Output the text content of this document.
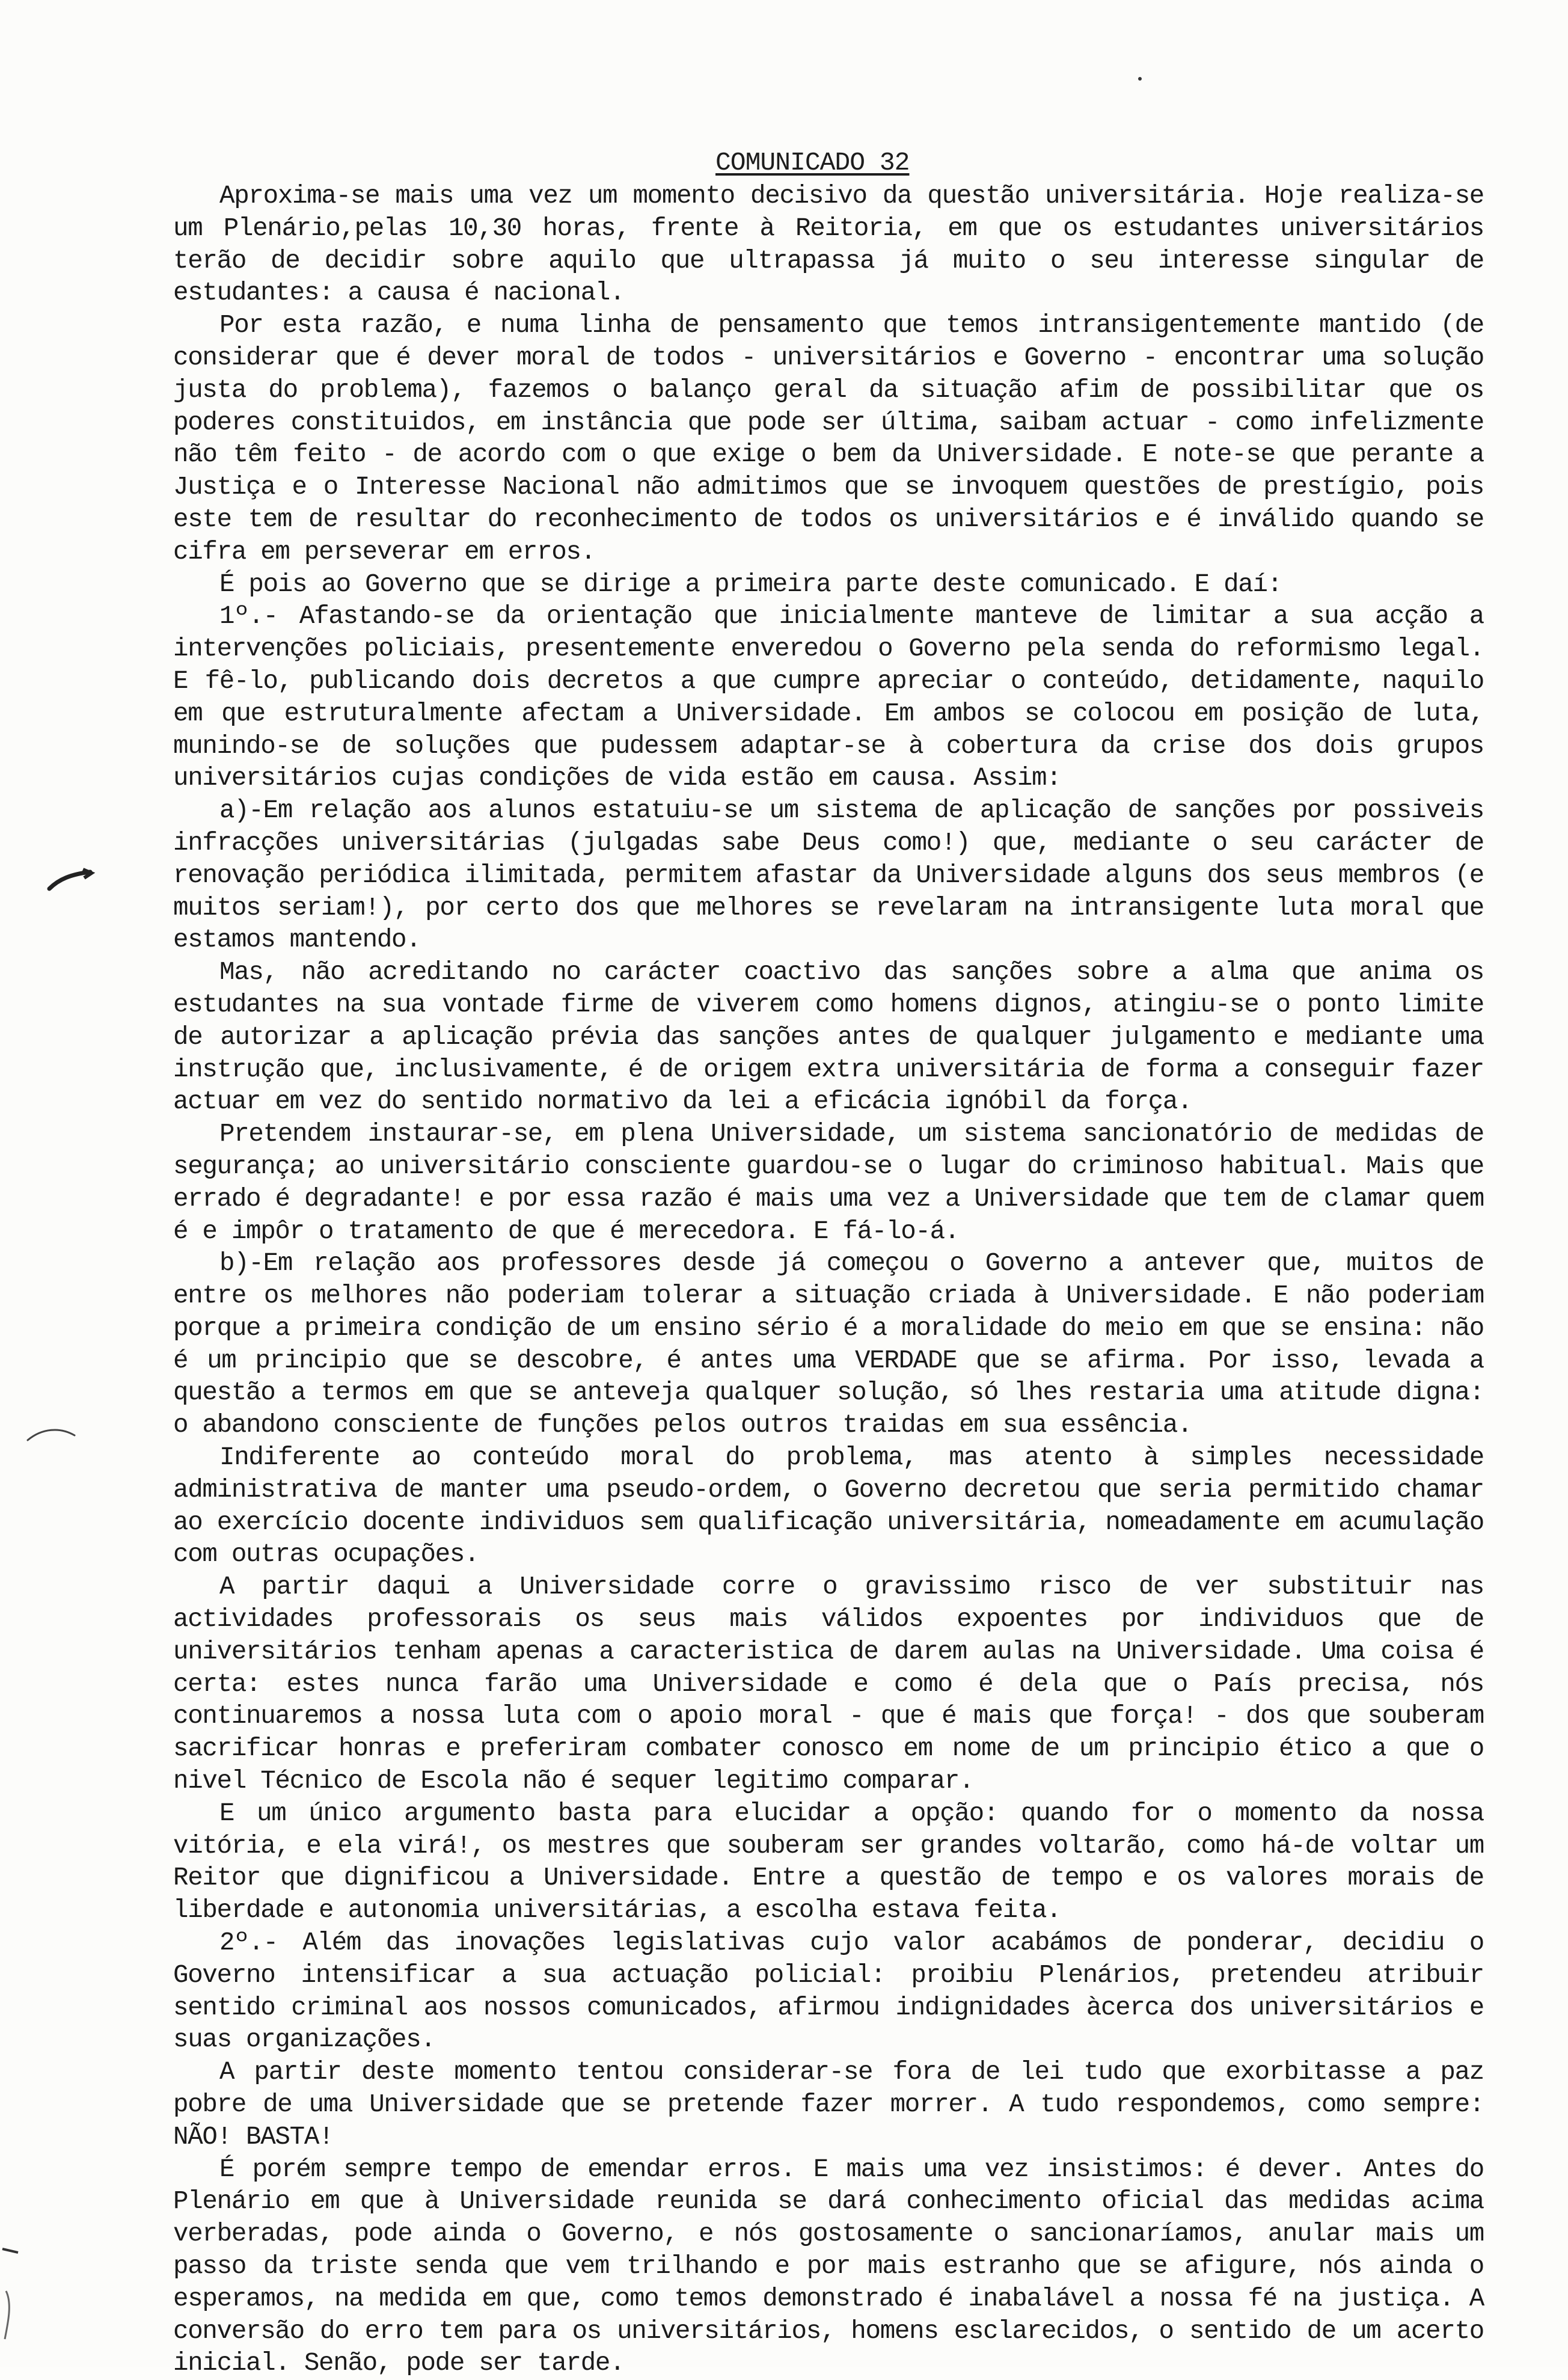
COMUNICADO 32

Aproxima-se mais uma vez um momento decisivo da questão universitária. Hoje realiza-se um Plenário,pelas 10,30 horas, frente à Reitoria, em que os estudantes universitários terão de decidir sobre aquilo que ultrapassa já muito o seu interesse singular de estudantes: a causa é nacional.

Por esta razão, e numa linha de pensamento que temos intransigentemente mantido (de considerar que é dever moral de todos - universitários e Governo - encontrar uma solução justa do problema), fazemos o balanço geral da situação afim de possibilitar que os poderes constituidos, em instância que pode ser última, saibam actuar - como infelizmente não têm feito - de acordo com o que exige o bem da Universidade. E note-se que perante a Justiça e o Interesse Nacional não admitimos que se invoquem questões de prestígio, pois este tem de resultar do reconhecimento de todos os universitários e é inválido quando se cifra em perseverar em erros.

É pois ao Governo que se dirige a primeira parte deste comunicado. E daí:

1º.- Afastando-se da orientação que inicialmente manteve de limitar a sua acção a intervenções policiais, presentemente enveredou o Governo pela senda do reformismo legal. E fê-lo, publicando dois decretos a que cumpre apreciar o conteúdo, detidamente, naquilo em que estruturalmente afectam a Universidade. Em ambos se colocou em posição de luta, munindo-se de soluções que pudessem adaptar-se à cobertura da crise dos dois grupos universitários cujas condições de vida estão em causa. Assim:

a)-Em relação aos alunos estatuiu-se um sistema de aplicação de sanções por possiveis infracções universitárias (julgadas sabe Deus como!) que, mediante o seu carácter de renovação periódica ilimitada, permitem afastar da Universidade alguns dos seus membros (e muitos seriam!), por certo dos que melhores se revelaram na intransigente luta moral que estamos mantendo.

Mas, não acreditando no carácter coactivo das sanções sobre a alma que anima os estudantes na sua vontade firme de viverem como homens dignos, atingiu-se o ponto limite de autorizar a aplicação prévia das sanções antes de qualquer julgamento e mediante uma instrução que, inclusivamente, é de origem extra universitária de forma a conseguir fazer actuar em vez do sentido normativo da lei a eficácia ignóbil da força.

Pretendem instaurar-se, em plena Universidade, um sistema sancionatório de medidas de segurança; ao universitário consciente guardou-se o lugar do criminoso habitual. Mais que errado é degradante! e por essa razão é mais uma vez a Universidade que tem de clamar quem é e impôr o tratamento de que é merecedora. E fá-lo-á.

b)-Em relação aos professores desde já começou o Governo a antever que, muitos de entre os melhores não poderiam tolerar a situação criada à Universidade. E não poderiam porque a primeira condição de um ensino sério é a moralidade do meio em que se ensina: não é um principio que se descobre, é antes uma VERDADE que se afirma. Por isso, levada a questão a termos em que se anteveja qualquer solução, só lhes restaria uma atitude digna: o abandono consciente de funções pelos outros traidas em sua essência.

Indiferente ao conteúdo moral do problema, mas atento à simples necessidade administrativa de manter uma pseudo-ordem, o Governo decretou que seria permitido chamar ao exercício docente individuos sem qualificação universitária, nomeadamente em acumulação com outras ocupações.

A partir daqui a Universidade corre o gravissimo risco de ver substituir nas actividades professorais os seus mais válidos expoentes por individuos que de universitários tenham apenas a caracteristica de darem aulas na Universidade. Uma coisa é certa: estes nunca farão uma Universidade e como é dela que o País precisa, nós continuaremos a nossa luta com o apoio moral - que é mais que força! - dos que souberam sacrificar honras e preferiram combater conosco em nome de um principio ético a que o nivel Técnico de Escola não é sequer legitimo comparar.

E um único argumento basta para elucidar a opção: quando for o momento da nossa vitória, e ela virá!, os mestres que souberam ser grandes voltarão, como há-de voltar um Reitor que dignificou a Universidade. Entre a questão de tempo e os valores morais de liberdade e autonomia universitárias, a escolha estava feita.

2º.- Além das inovações legislativas cujo valor acabámos de ponderar, decidiu o Governo intensificar a sua actuação policial: proibiu Plenários, pretendeu atribuir sentido criminal aos nossos comunicados, afirmou indignidades àcerca dos universitários e suas organizações.

A partir deste momento tentou considerar-se fora de lei tudo que exorbitasse a paz pobre de uma Universidade que se pretende fazer morrer. A tudo respondemos, como sempre: NÃO! BASTA!

É porém sempre tempo de emendar erros. E mais uma vez insistimos: é dever. Antes do Plenário em que à Universidade reunida se dará conhecimento oficial das medidas acima verberadas, pode ainda o Governo, e nós gostosamente o sancionaríamos, anular mais um passo da triste senda que vem trilhando e por mais estranho que se afigure, nós ainda o esperamos, na medida em que, como temos demonstrado é inabalável a nossa fé na justiça. A conversão do erro tem para os universitários, homens esclarecidos, o sentido de um acerto inicial. Senão, pode ser tarde.
